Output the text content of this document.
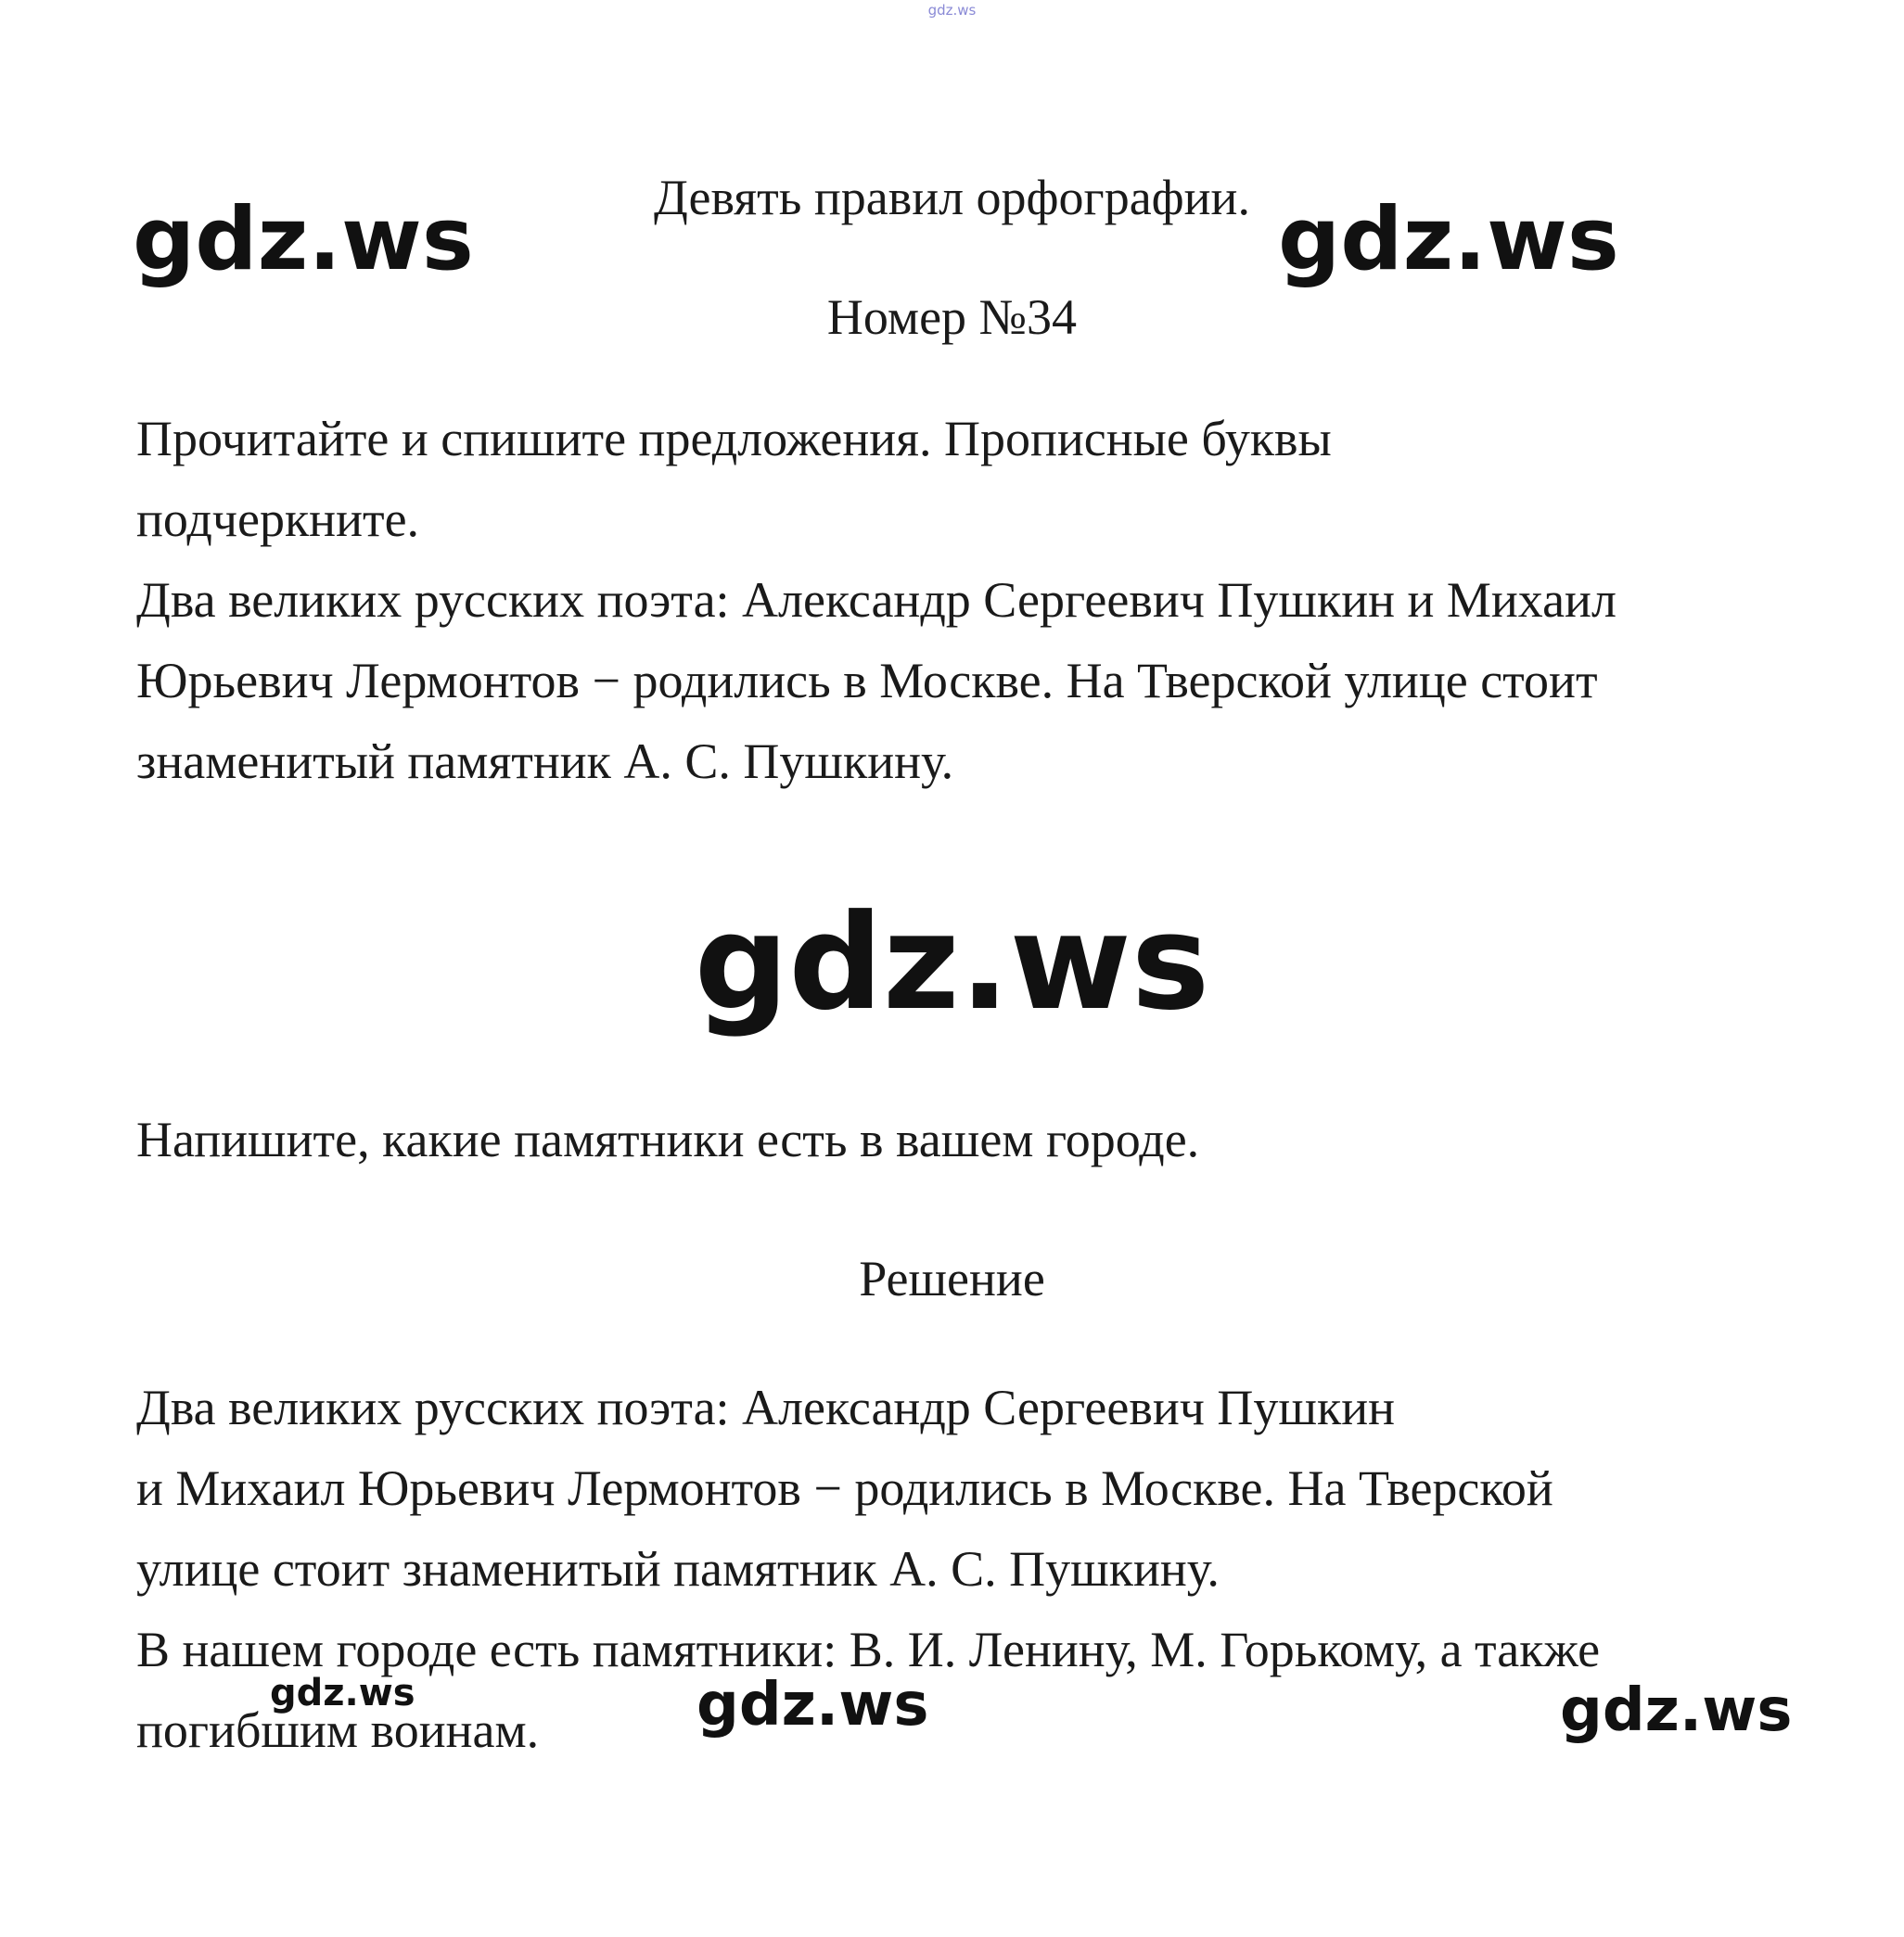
gdz.ws
Девять правил орфографии.
gdz.ws	gdz.ws
Номер №34
Прочитайте и спишите предложения. Прописные буквы
подчеркните.
Два великих русских поэта: Александр Сергеевич Пушкин и Михаил
Юрьевич Лермонтов − родились в Москве. На Тверской улице стоит
знаменитый памятник А. С. Пушкину.
gdz.ws
Напишите, какие памятники есть в вашем городе.
Решение
Два великих русских поэта: Александр Сергеевич Пушкин
и Михаил Юрьевич Лермонтов − родились в Москве. На Тверской
улице стоит знаменитый памятник А. С. Пушкину.
В нашем городе есть памятники: В. И. Ленину, М. Горькому, а также
погибшим воинам.
gdz.ws	gdz.ws	gdz.ws
